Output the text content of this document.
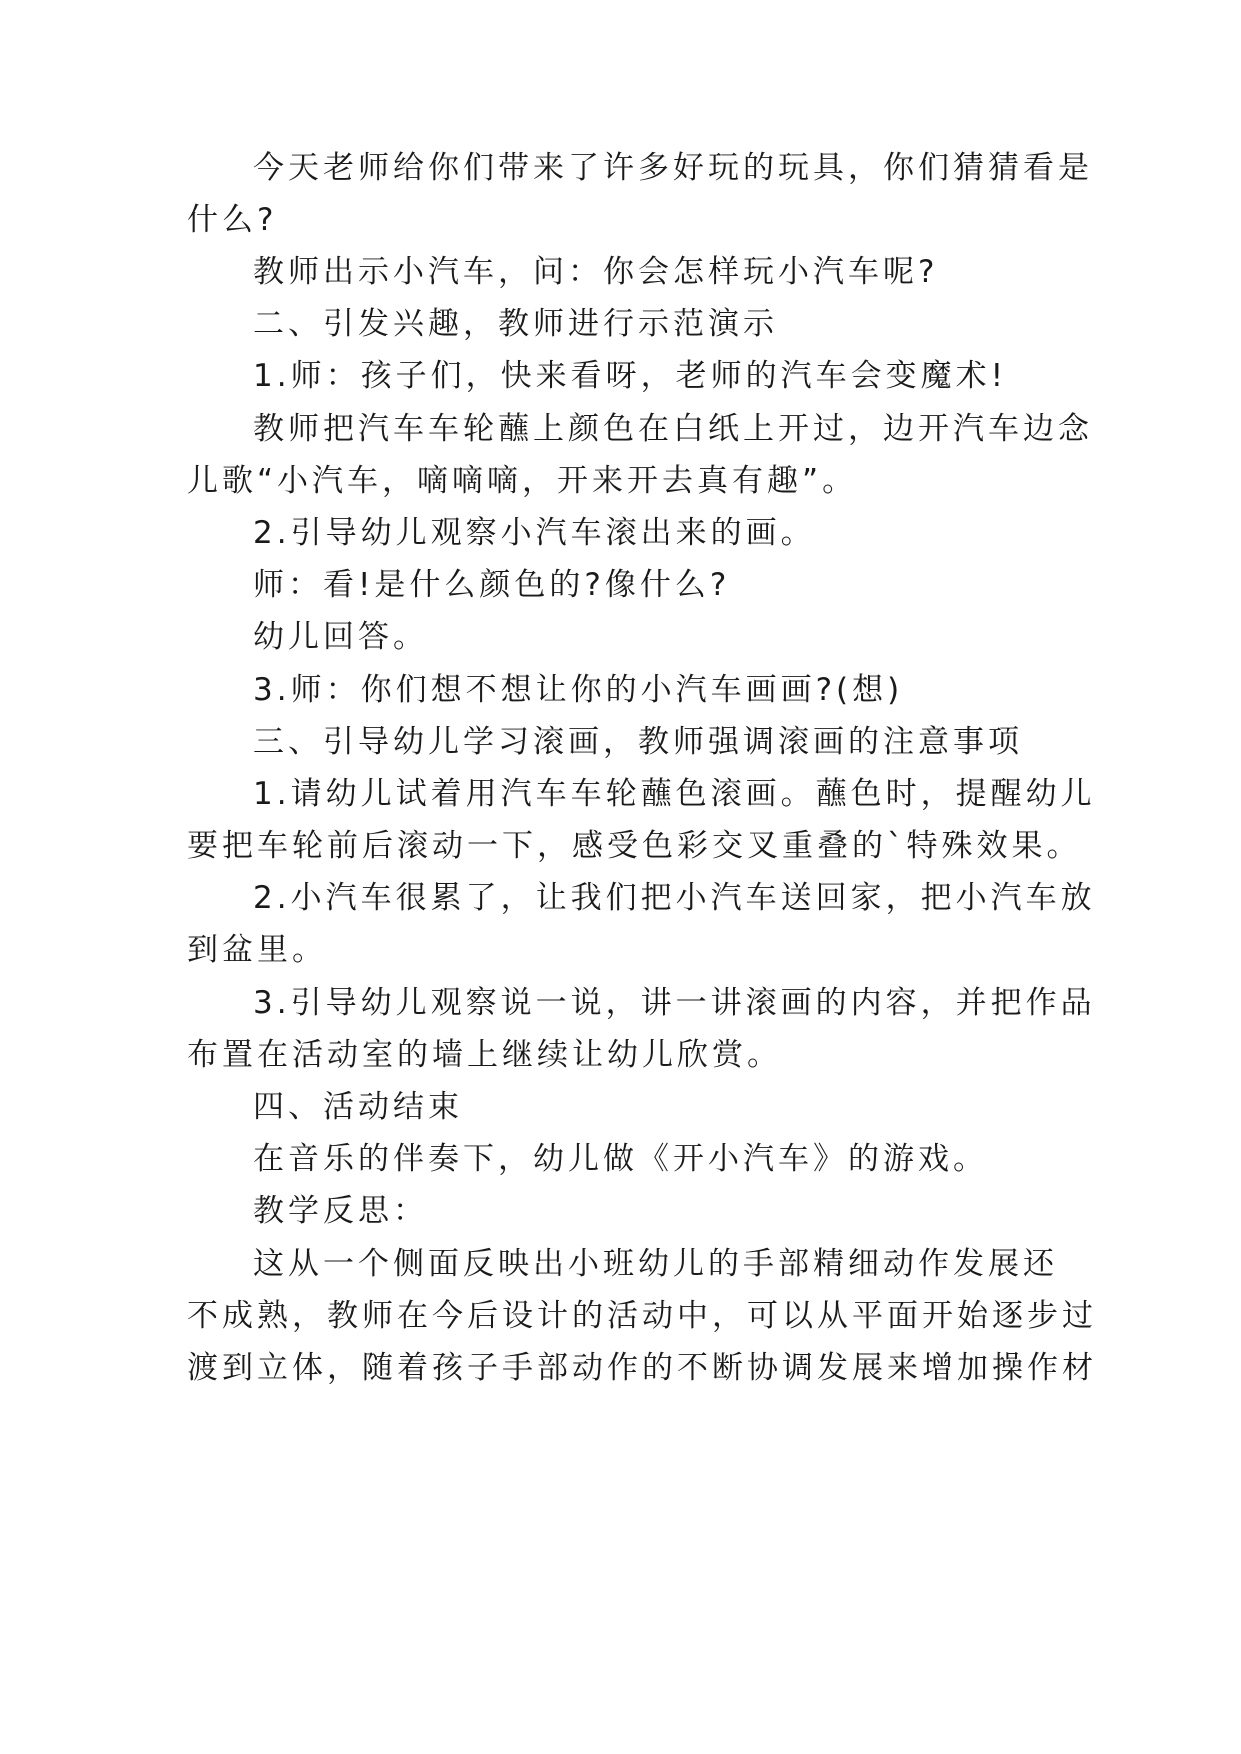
今天老师给你们带来了许多好玩的玩具，你们猜猜看是

什么?

教师出示小汽车，问：你会怎样玩小汽车呢?

二、引发兴趣，教师进行示范演示

1.师：孩子们，快来看呀，老师的汽车会变魔术!

教师把汽车车轮蘸上颜色在白纸上开过，边开汽车边念

儿歌“小汽车，嘀嘀嘀，开来开去真有趣”。

2.引导幼儿观察小汽车滚出来的画。

师：看!是什么颜色的?像什么?

幼儿回答。

3.师：你们想不想让你的小汽车画画?(想)

三、引导幼儿学习滚画，教师强调滚画的注意事项

1.请幼儿试着用汽车车轮蘸色滚画。蘸色时，提醒幼儿

要把车轮前后滚动一下，感受色彩交叉重叠的`特殊效果。

2.小汽车很累了，让我们把小汽车送回家，把小汽车放

到盆里。

3.引导幼儿观察说一说，讲一讲滚画的内容，并把作品

布置在活动室的墙上继续让幼儿欣赏。

四、活动结束

在音乐的伴奏下，幼儿做《开小汽车》的游戏。

教学反思：

这从一个侧面反映出小班幼儿的手部精细动作发展还

不成熟，教师在今后设计的活动中，可以从平面开始逐步过

渡到立体，随着孩子手部动作的不断协调发展来增加操作材
